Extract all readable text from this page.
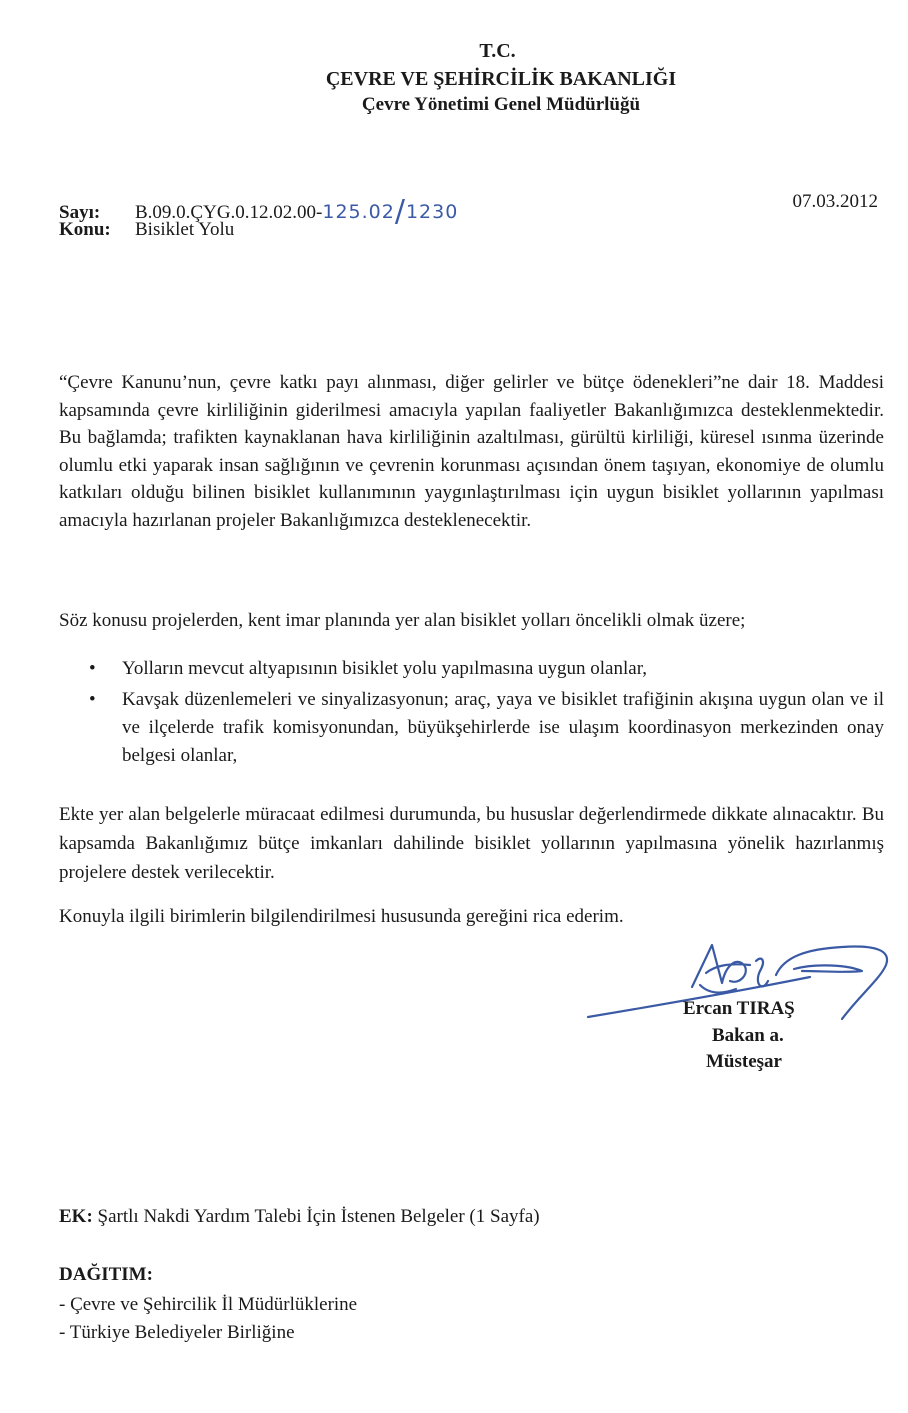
T.C.
ÇEVRE VE ŞEHİRCİLİK BAKANLIĞI
Çevre Yönetimi Genel Müdürlüğü
Sayı: B.09.0.ÇYG.0.12.02.00-125.02/1230	07.03.2012
Konu: Bisiklet Yolu

“Çevre Kanunu’nun, çevre katkı payı alınması, diğer gelirler ve bütçe ödenekleri”ne dair 18. Maddesi kapsamında çevre kirliliğinin giderilmesi amacıyla yapılan faaliyetler Bakanlığımızca desteklenmektedir. Bu bağlamda; trafikten kaynaklanan hava kirliliğinin azaltılması, gürültü kirliliği, küresel ısınma üzerinde olumlu etki yaparak insan sağlığının ve çevrenin korunması açısından önem taşıyan, ekonomiye de olumlu katkıları olduğu bilinen bisiklet kullanımının yaygınlaştırılması için uygun bisiklet yollarının yapılması amacıyla hazırlanan projeler Bakanlığımızca desteklenecektir.

Söz konusu projelerden, kent imar planında yer alan bisiklet yolları öncelikli olmak üzere;

• Yolların mevcut altyapısının bisiklet yolu yapılmasına uygun olanlar,
• Kavşak düzenlemeleri ve sinyalizasyonun; araç, yaya ve bisiklet trafiğinin akışına uygun olan ve il ve ilçelerde trafik komisyonundan, büyükşehirlerde ise ulaşım koordinasyon merkezinden onay belgesi olanlar,

Ekte yer alan belgelerle müracaat edilmesi durumunda, bu hususlar değerlendirmede dikkate alınacaktır. Bu kapsamda Bakanlığımız bütçe imkanları dahilinde bisiklet yollarının yapılmasına yönelik hazırlanmış projelere destek verilecektir.

Konuyla ilgili birimlerin bilgilendirilmesi hususunda gereğini rica ederim.

Ercan TIRAŞ
Bakan a.
Müsteşar
EK: Şartlı Nakdi Yardım Talebi İçin İstenen Belgeler (1 Sayfa)
DAĞITIM:
- Çevre ve Şehircilik İl Müdürlüklerine
- Türkiye Belediyeler Birliğine
